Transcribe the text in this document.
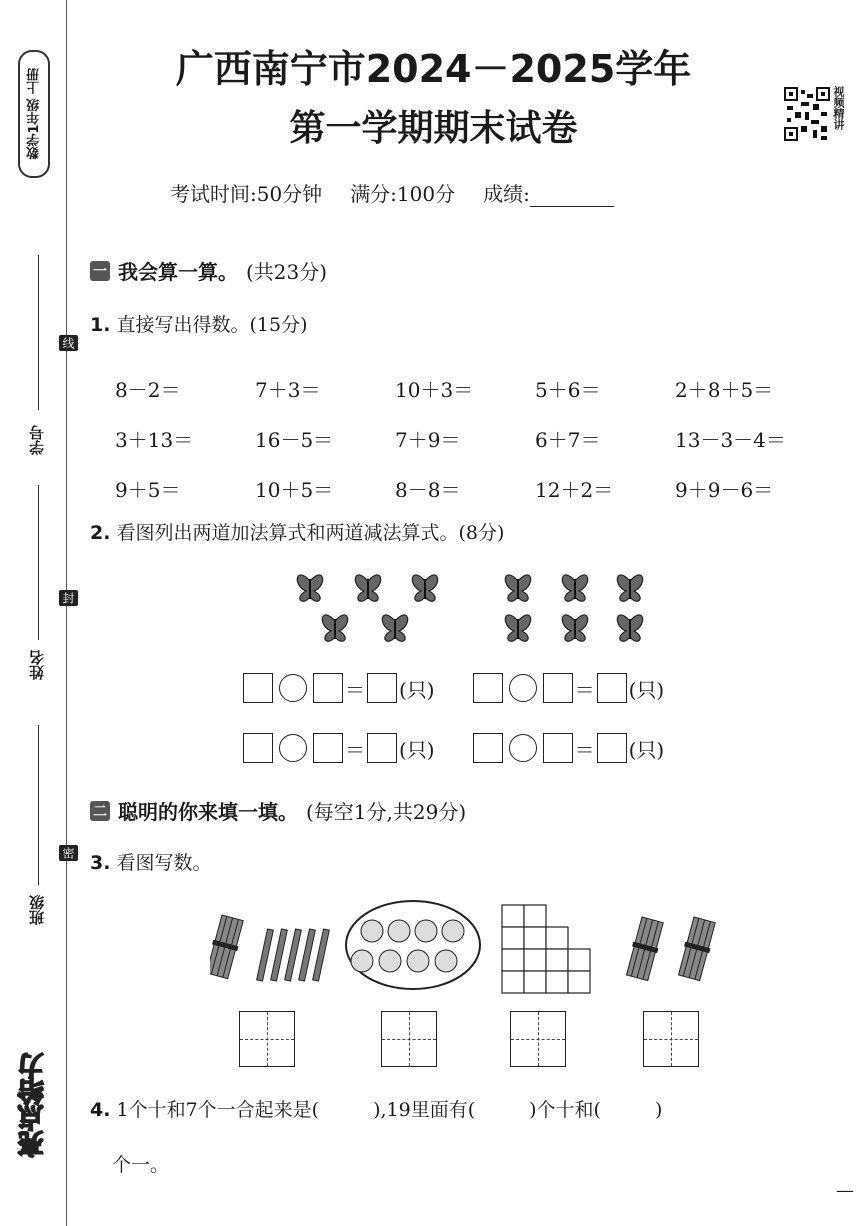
数学1年级 上册
学号
姓名
班级
线
封
密
亮点给力
视频精讲
广西南宁市2024－2025学年
第一学期期末试卷
考试时间:50分钟 满分:100分 成绩:
一 我会算一算。 (共23分)
1. 直接写出得数。(15分)
8－2＝	7＋3＝	10＋3＝	5＋6＝	2＋8＋5＝
3＋13＝	16－5＝	7＋9＝	6＋7＝	13－3－4＝
9＋5＝	10＋5＝	8－8＝	12＋2＝	9＋9－6＝
2. 看图列出两道加法算式和两道减法算式。(8分)
＝ (只)	＝ (只)
＝ (只)	＝ (只)
二 聪明的你来填一填。 (每空1分,共29分)
3. 看图写数。
4. 1个十和7个一合起来是(	),19里面有(	)个十和(	)
个一。
—
